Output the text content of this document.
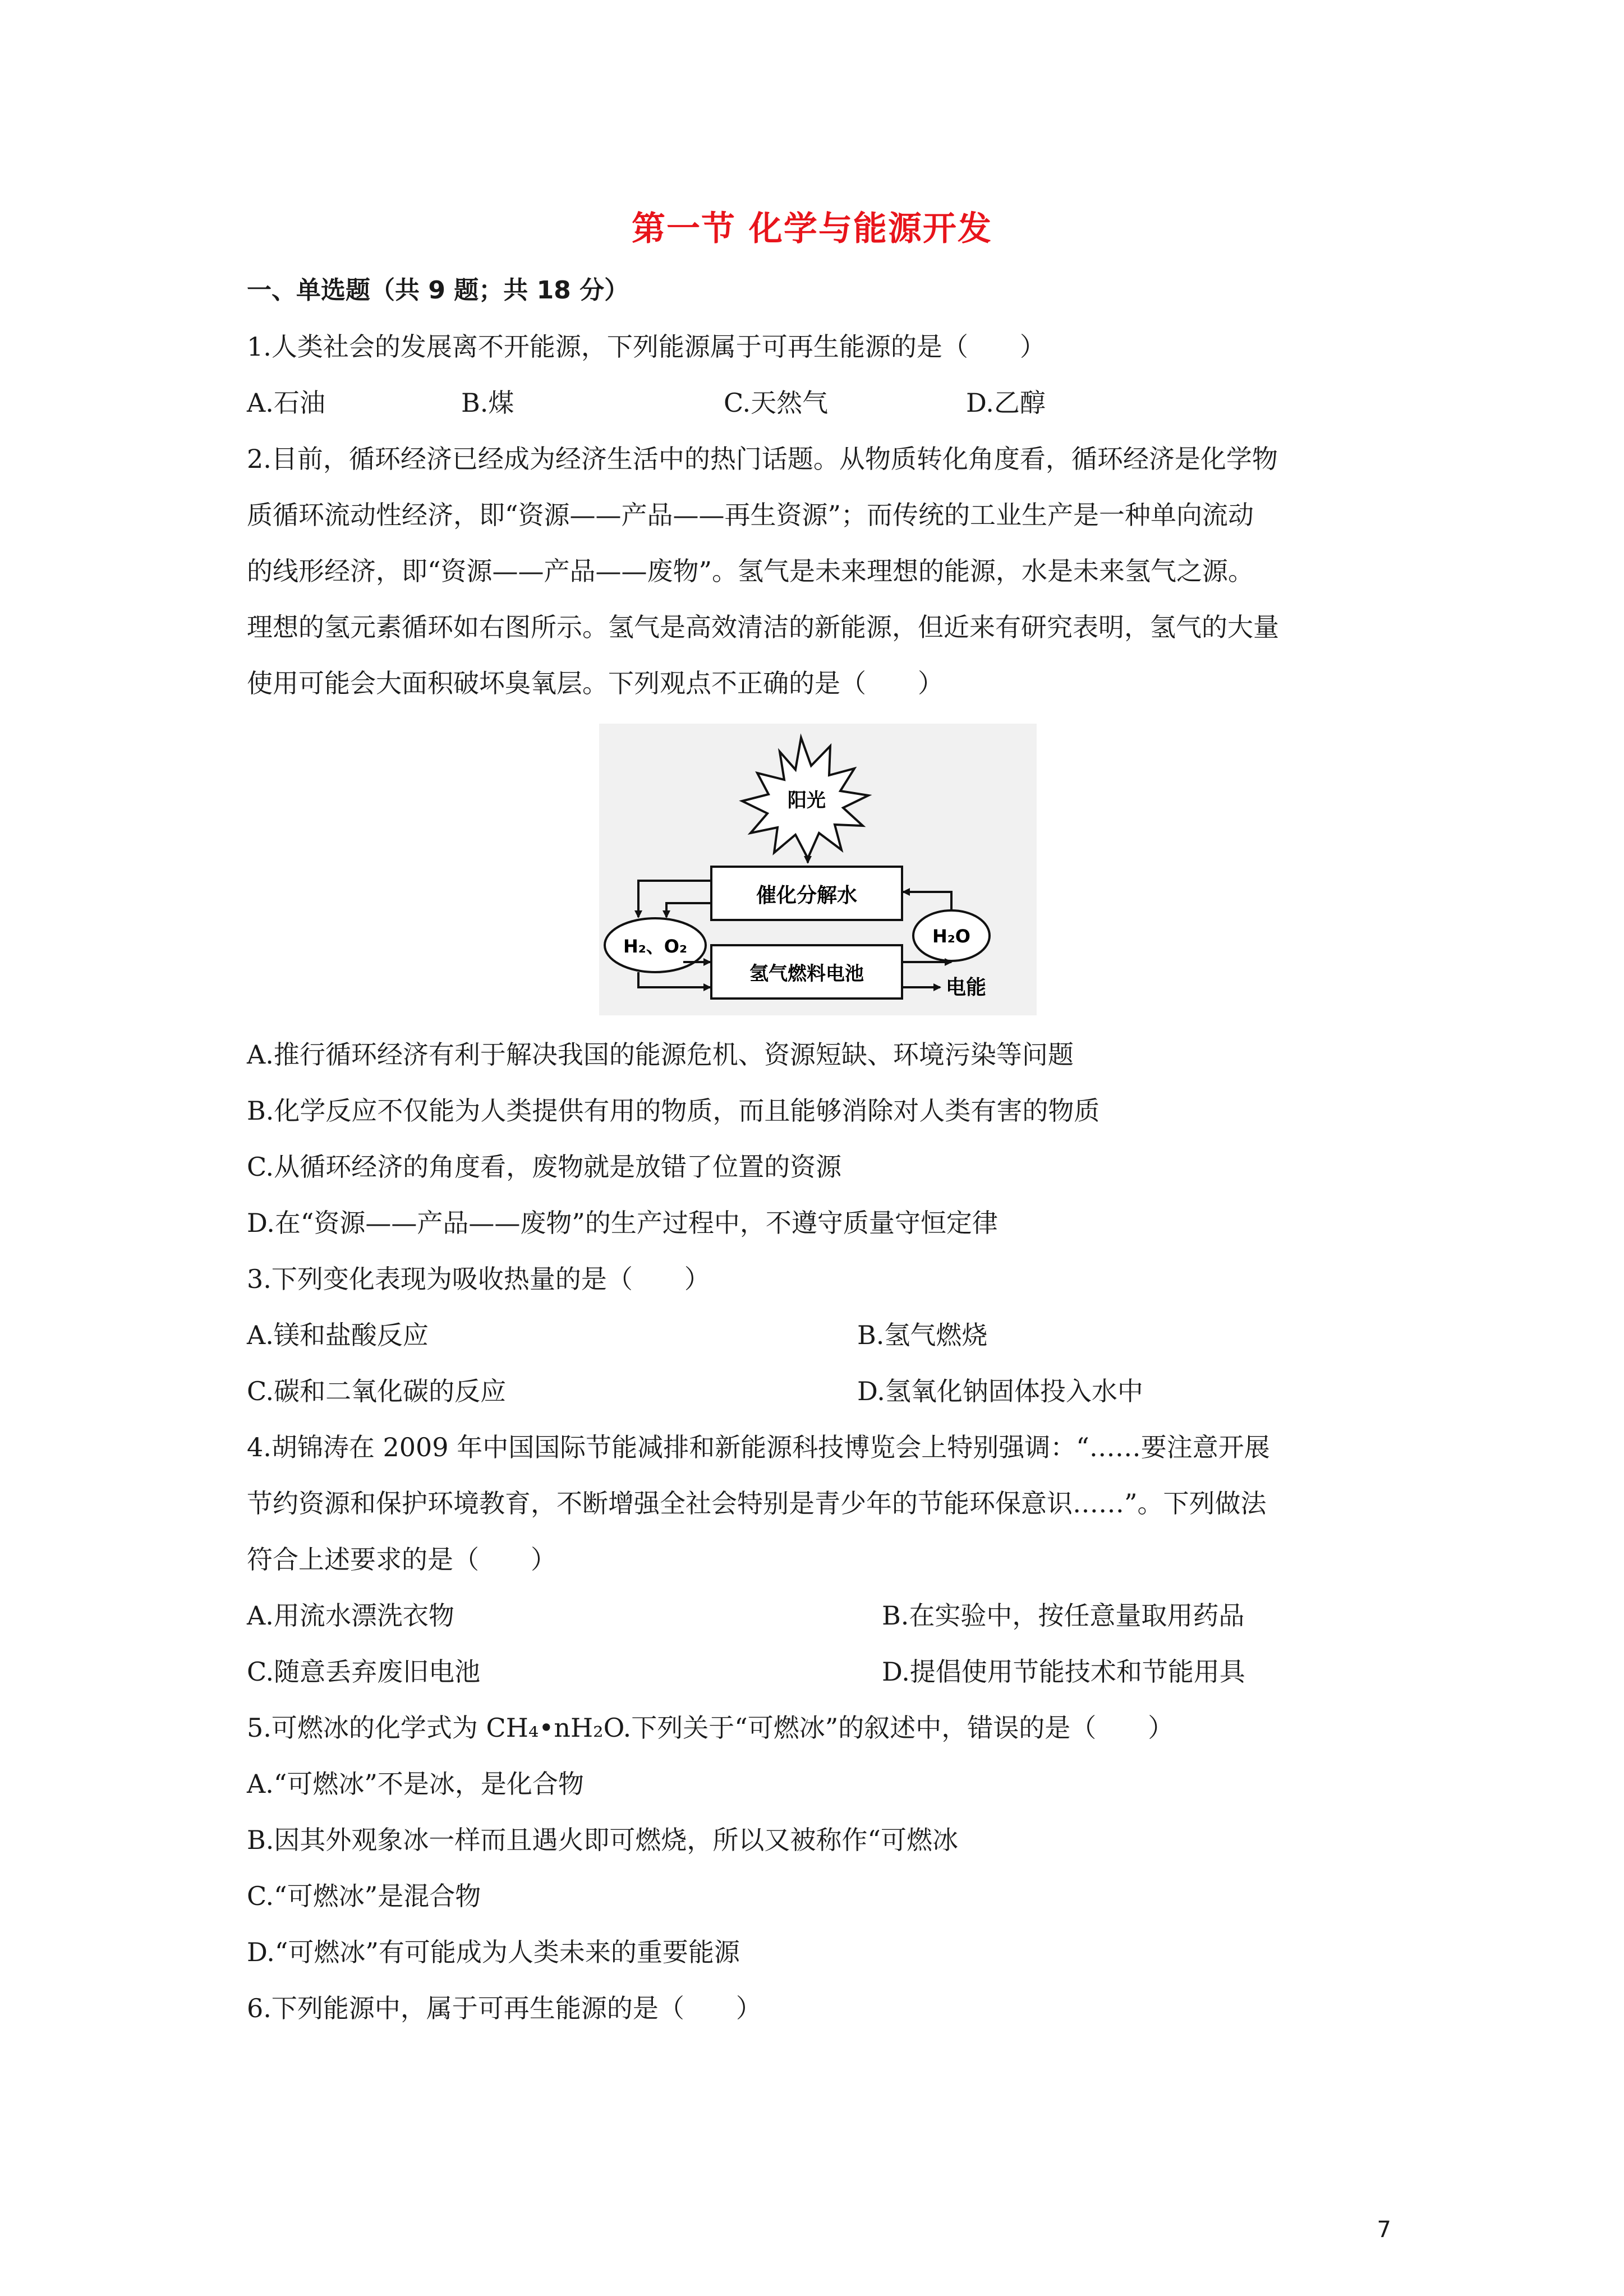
第一节 化学与能源开发
一、单选题（共 9 题；共 18 分）
1.人类社会的发展离不开能源，下列能源属于可再生能源的是（　　）
A.石油	B.煤	C.天然气	D.乙醇
2.目前，循环经济已经成为经济生活中的热门话题。从物质转化角度看，循环经济是化学物
质循环流动性经济，即“资源——产品——再生资源”；而传统的工业生产是一种单向流动
的线形经济，即“资源——产品——废物”。氢气是未来理想的能源，水是未来氢气之源。
理想的氢元素循环如右图所示。氢气是高效清洁的新能源，但近来有研究表明，氢气的大量
使用可能会大面积破坏臭氧层。下列观点不正确的是（　　）
阳光
催化分解水
氢气燃料电池
H₂、O₂	H₂O
电能
A.推行循环经济有利于解决我国的能源危机、资源短缺、环境污染等问题
B.化学反应不仅能为人类提供有用的物质，而且能够消除对人类有害的物质
C.从循环经济的角度看，废物就是放错了位置的资源
D.在“资源——产品——废物”的生产过程中，不遵守质量守恒定律
3.下列变化表现为吸收热量的是（　　）
A.镁和盐酸反应	B.氢气燃烧
C.碳和二氧化碳的反应	D.氢氧化钠固体投入水中
4.胡锦涛在 2009 年中国国际节能减排和新能源科技博览会上特别强调：“……要注意开展
节约资源和保护环境教育，不断增强全社会特别是青少年的节能环保意识……”。下列做法
符合上述要求的是（　　）
A.用流水漂洗衣物	B.在实验中，按任意量取用药品
C.随意丢弃废旧电池	D.提倡使用节能技术和节能用具
5.可燃冰的化学式为 CH₄•nH₂O.下列关于“可燃冰”的叙述中，错误的是（　　）
A.“可燃冰”不是冰，是化合物
B.因其外观象冰一样而且遇火即可燃烧，所以又被称作“可燃冰
C.“可燃冰”是混合物
D.“可燃冰”有可能成为人类未来的重要能源
6.下列能源中，属于可再生能源的是（　　）
7
